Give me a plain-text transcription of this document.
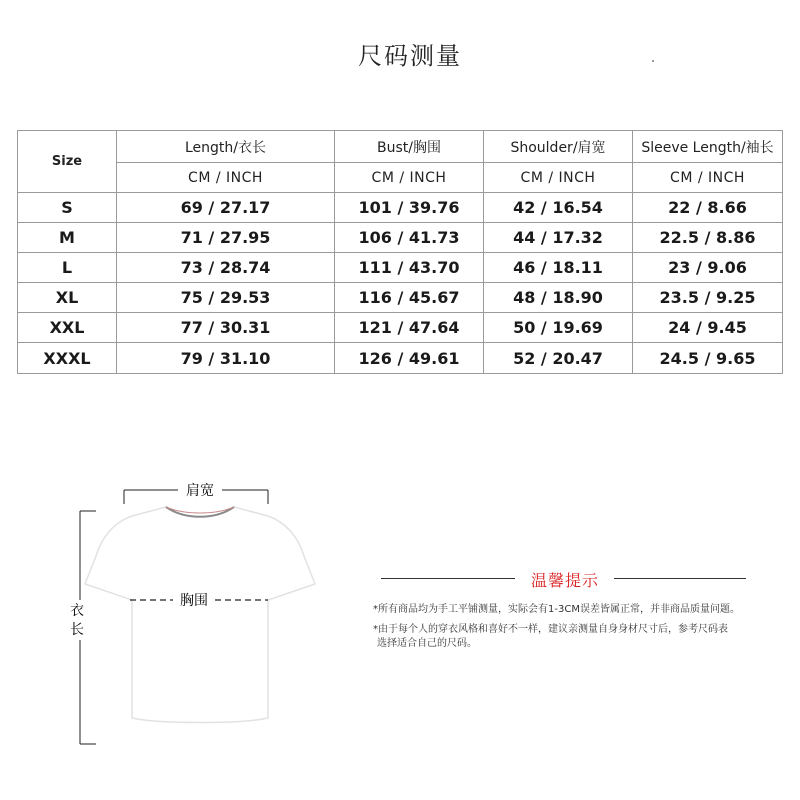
尺码测量
Size	Length/衣长	Bust/胸围	Shoulder/肩宽	Sleeve Length/袖长
	CM / INCH	CM / INCH	CM / INCH	CM / INCH
S	69 / 27.17	101 / 39.76	42 / 16.54	22 / 8.66
M	71 / 27.95	106 / 41.73	44 / 17.32	22.5 / 8.86
L	73 / 28.74	111 / 43.70	46 / 18.11	23 / 9.06
XL	75 / 29.53	116 / 45.67	48 / 18.90	23.5 / 9.25
XXL	77 / 30.31	121 / 47.64	50 / 19.69	24 / 9.45
XXXL	79 / 31.10	126 / 49.61	52 / 20.47	24.5 / 9.65
肩宽
胸围
衣
长
温馨提示
*所有商品均为手工平铺测量，实际会有1-3CM误差皆属正常，并非商品质量问题。
*由于每个人的穿衣风格和喜好不一样，建议亲测量自身身材尺寸后，参考尺码表
选择适合自己的尺码。
